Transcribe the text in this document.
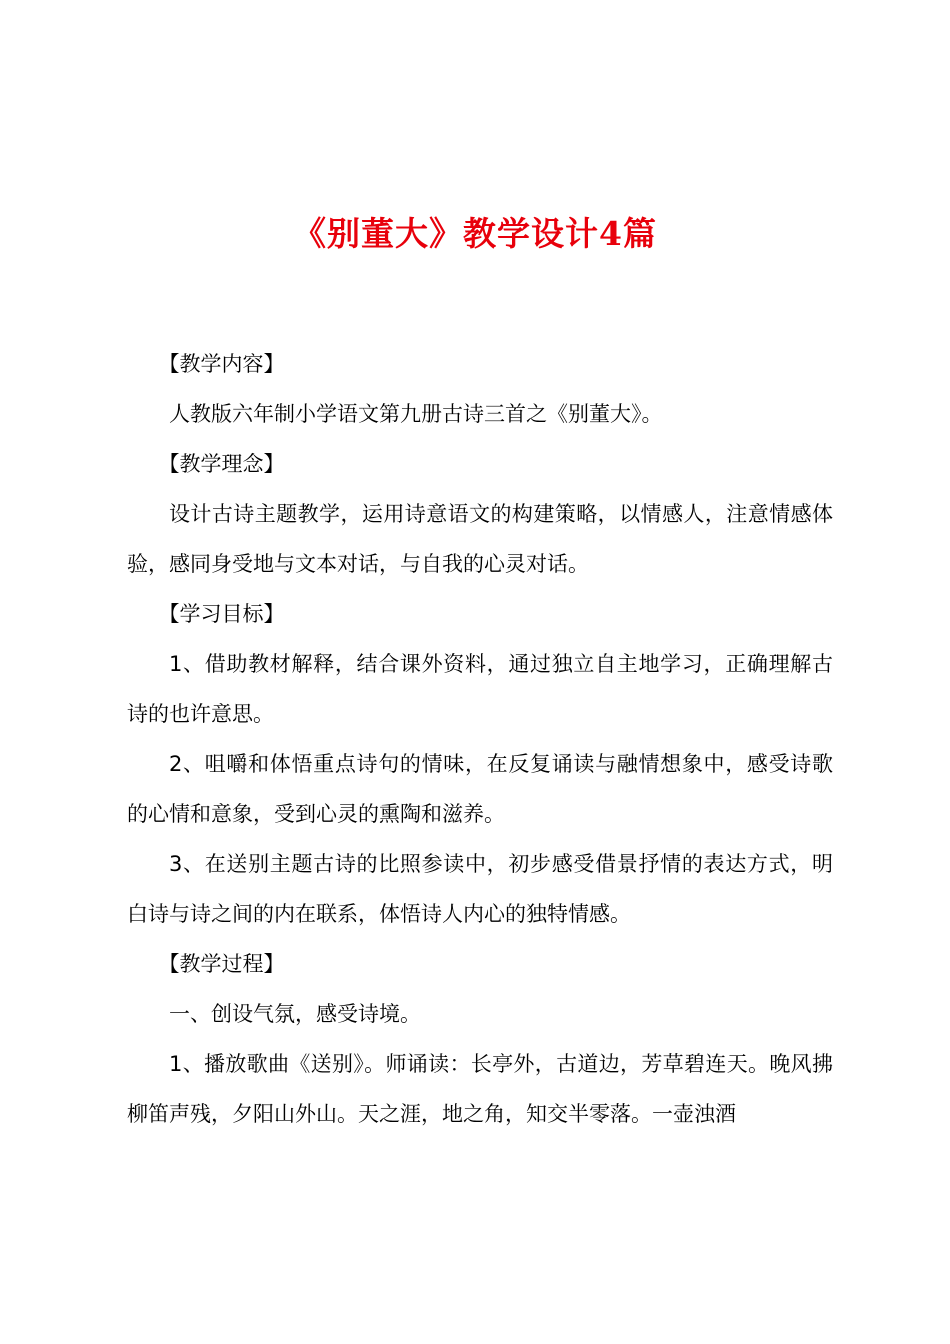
《别董大》教学设计4篇

【教学内容】

人教版六年制小学语文第九册古诗三首之《别董大》。

【教学理念】

设计古诗主题教学，运用诗意语文的构建策略，以情感人，注意情感体验，感同身受地与文本对话，与自我的心灵对话。

【学习目标】

1、借助教材解释，结合课外资料，通过独立自主地学习，正确理解古诗的也许意思。

2、咀嚼和体悟重点诗句的情味，在反复诵读与融情想象中，感受诗歌的心情和意象，受到心灵的熏陶和滋养。

3、在送别主题古诗的比照参读中，初步感受借景抒情的表达方式，明白诗与诗之间的内在联系，体悟诗人内心的独特情感。

【教学过程】

一、创设气氛，感受诗境。

1、播放歌曲《送别》。师诵读：长亭外，古道边，芳草碧连天。晚风拂柳笛声残，夕阳山外山。天之涯，地之角，知交半零落。一壶浊酒
